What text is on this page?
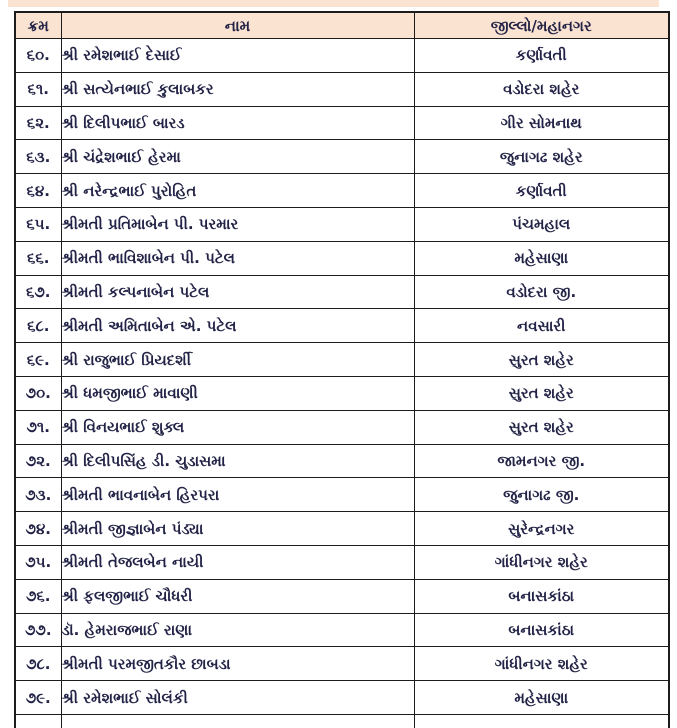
ક્રમ	નામ	જીલ્લો/મહાનગર
૬૦.	શ્રી રમેશભાઈ દેસાઈ	કર્ણાવતી
૬૧.	શ્રી સત્યેનભાઈ કુલાબકર	વડોદરા શહેર
૬૨.	શ્રી દિલીપભાઈ બારડ	ગીર સોમનાથ
૬૩.	શ્રી ચંદ્રેશભાઈ હેરમા	જુનાગઢ શહેર
૬૪.	શ્રી નરેન્દ્રભાઈ પુરોહિત	કર્ણાવતી
૬૫.	શ્રીમતી પ્રતિમાબેન પી. પરમાર	પંચમહાલ
૬૬.	શ્રીમતી ભાવિશાબેન પી. પટેલ	મહેસાણા
૬૭.	શ્રીમતી કલ્પનાબેન પટેલ	વડોદરા જી.
૬૮.	શ્રીમતી અમિતાબેન એ. પટેલ	નવસારી
૬૯.	શ્રી રાજુભાઈ પ્રિયદર્શી	સુરત શહેર
૭૦.	શ્રી ધમજીભાઈ માવાણી	સુરત શહેર
૭૧.	શ્રી વિનયભાઈ શુક્લ	સુરત શહેર
૭૨.	શ્રી દિલીપસિંહ ડી. ચુડાસમા	જામનગર જી.
૭૩.	શ્રીમતી ભાવનાબેન હિરપરા	જુનાગઢ જી.
૭૪.	શ્રીમતી જીજ્ઞાબેન પંડ્યા	સુરેન્દ્રનગર
૭૫.	શ્રીમતી તેજલબેન નાયી	ગાંધીનગર શહેર
૭૬.	શ્રી ફલજીભાઈ ચૌધરી	બનાસકાંઠા
૭૭.	ડૉ. હેમરાજભાઈ રાણા	બનાસકાંઠા
૭૮.	શ્રીમતી પરમજીતકૌર છાબડા	ગાંધીનગર શહેર
૭૯.	શ્રી રમેશભાઈ સોલંકી	મહેસાણા
